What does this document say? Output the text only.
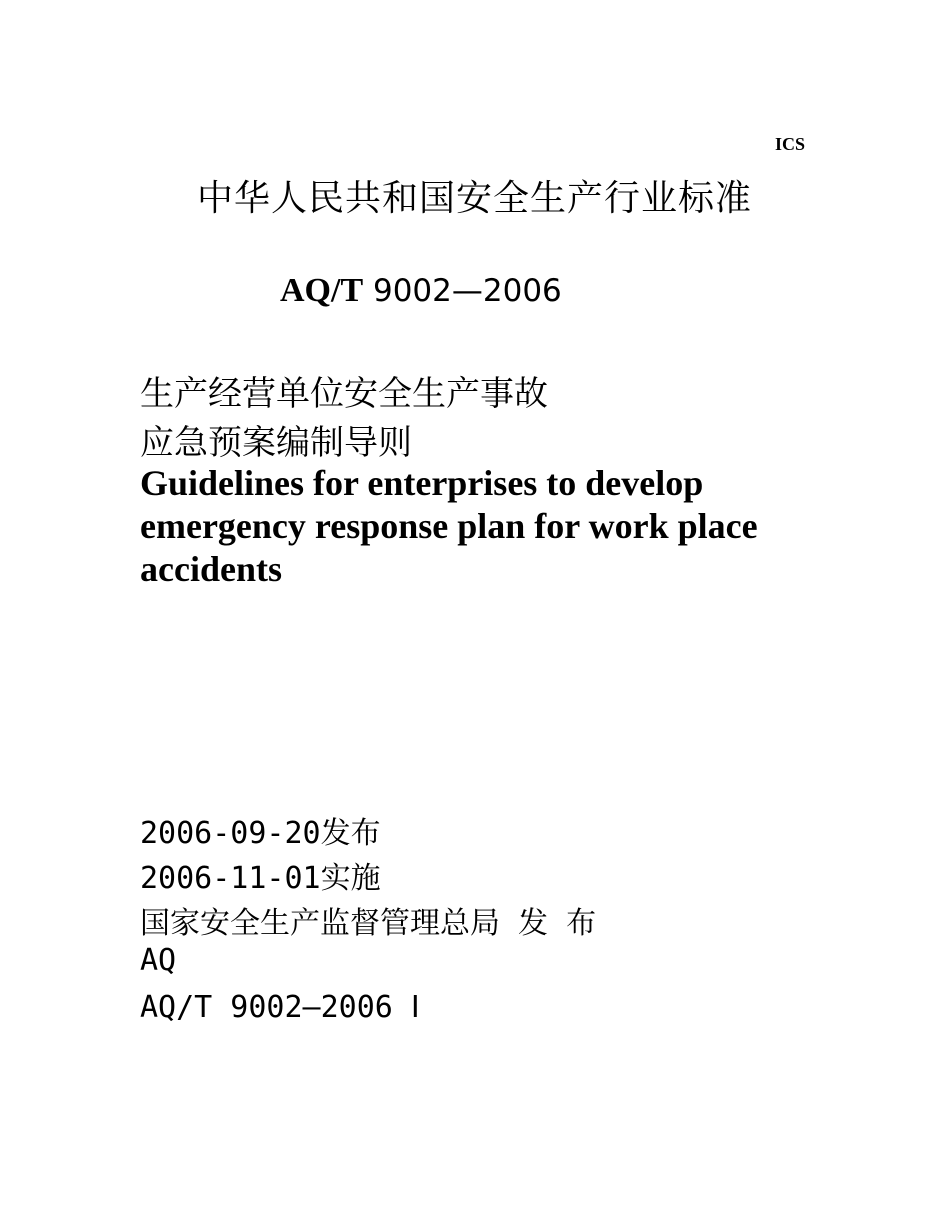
ICS
中华人民共和国安全生产行业标准
AQ/T 9002—2006
生产经营单位安全生产事故
应急预案编制导则
Guidelines for enterprises to develop
emergency response plan for work place
accidents
2006-09-20发布
2006-11-01实施
国家安全生产监督管理总局 发 布
AQ
AQ/T 9002—2006 Ⅰ
